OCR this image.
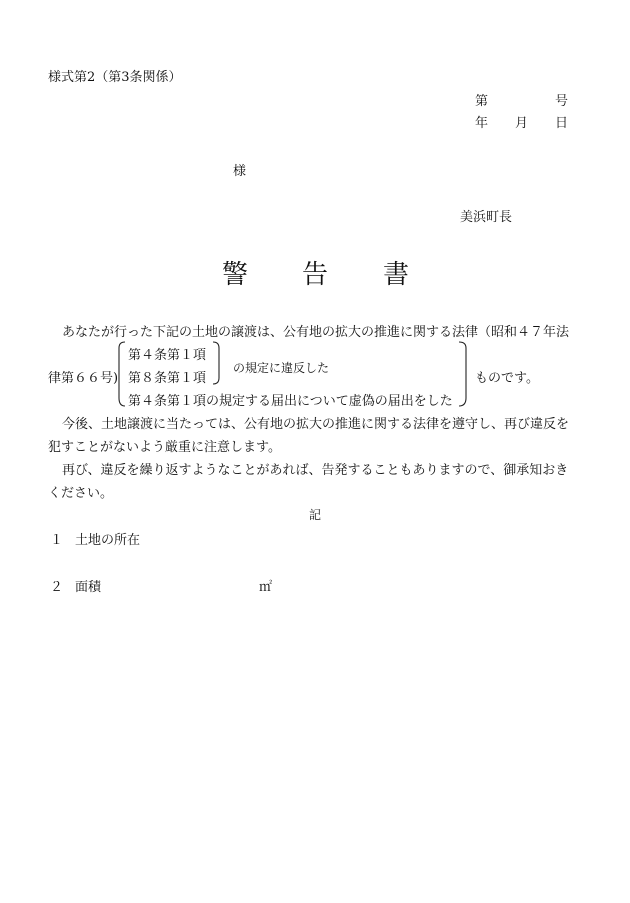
様式第2（第3条関係）
第	号
年 月 日
様
美浜町長
警 告 書
あなたが行った下記の土地の譲渡は、公有地の拡大の推進に関する法律（昭和４７年法
律第６６号)
第４条第１項
第８条第１項
の規定に違反した
第４条第１項の規定する届出について虚偽の届出をした
ものです。
今後、土地譲渡に当たっては、公有地の拡大の推進に関する法律を遵守し、再び違反を
犯すことがないよう厳重に注意します。
再び、違反を繰り返すようなことがあれば、告発することもありますので、御承知おき
ください。
記
１ 土地の所在
２ 面積	㎡
